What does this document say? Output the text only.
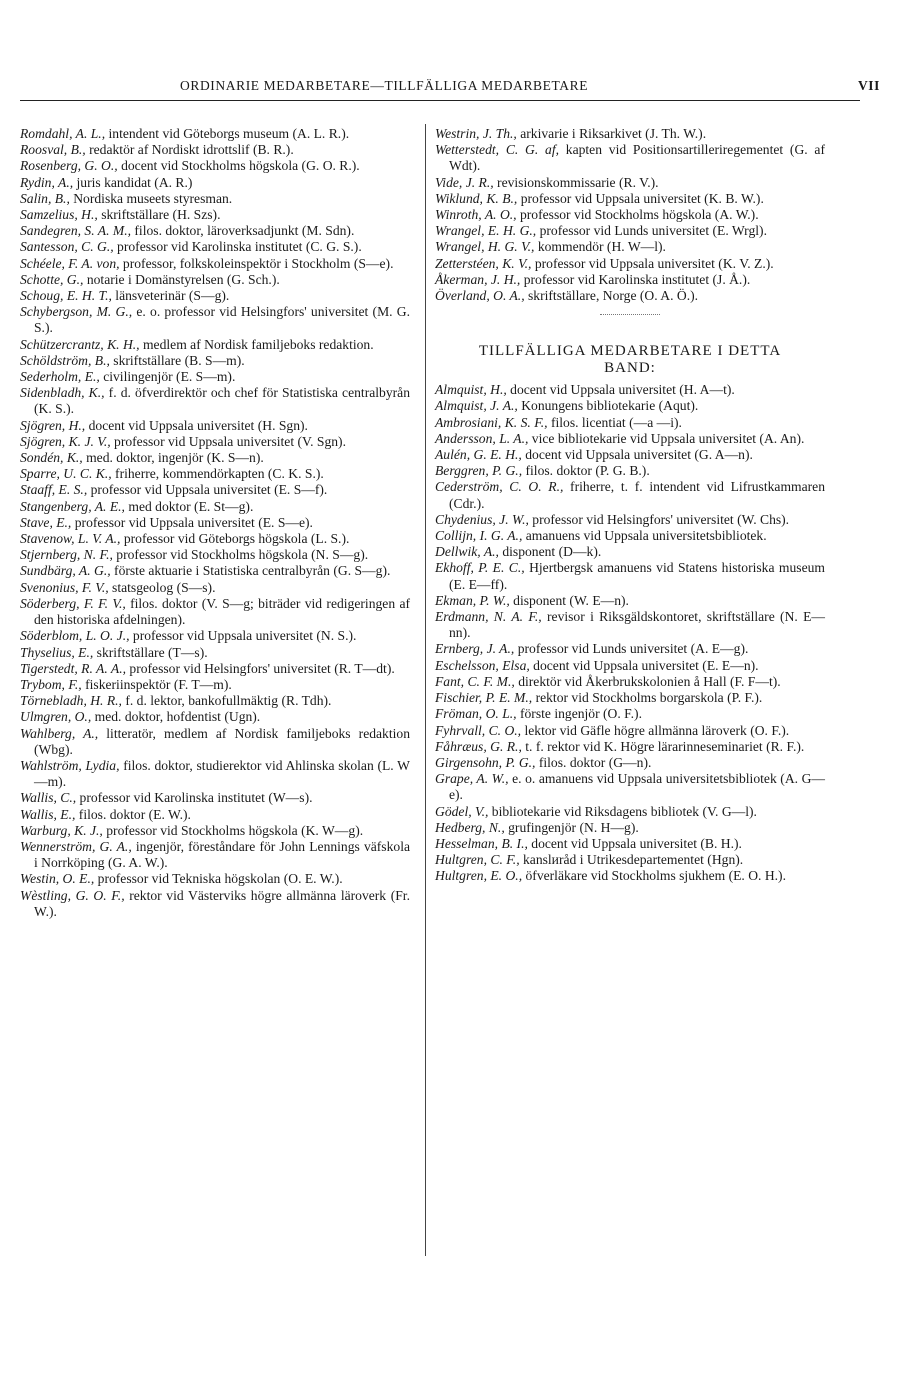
ORDINARIE MEDARBETARE—TILLFÄLLIGA MEDARBETARE	VII

Romdahl, A. L., intendent vid Göteborgs museum (A. L. R.).

Roosval, B., redaktör af Nordiskt idrottslif (B. R.).

Rosenberg, G. O., docent vid Stockholms högskola (G. O. R.).

Rydin, A., juris kandidat (A. R.)

Salin, B., Nordiska museets styresman.

Samzelius, H., skriftställare (H. Szs).

Sandegren, S. A. M., filos. doktor, läroverksadjunkt (M. Sdn).

Santesson, C. G., professor vid Karolinska institutet (C. G. S.).

Schéele, F. A. von, professor, folkskoleinspektör i Stockholm (S—e).

Schotte, G., notarie i Domänstyrelsen (G. Sch.).

Schoug, E. H. T., länsveterinär (S—g).

Schybergson, M. G., e. o. professor vid Helsingfors' universitet (M. G. S.).

Schützercrantz, K. H., medlem af Nordisk familjeboks redaktion.

Schöldström, B., skriftställare (B. S—m).

Sederholm, E., civilingenjör (E. S—m).

Sidenbladh, K., f. d. öfverdirektör och chef för Statistiska centralbyrån (K. S.).

Sjögren, H., docent vid Uppsala universitet (H. Sgn).

Sjögren, K. J. V., professor vid Uppsala universitet (V. Sgn).

Sondén, K., med. doktor, ingenjör (K. S—n).

Sparre, U. C. K., friherre, kommendörkapten (C. K. S.).

Staaff, E. S., professor vid Uppsala universitet (E. S—f).

Stangenberg, A. E., med doktor (E. St—g).

Stave, E., professor vid Uppsala universitet (E. S—e).

Stavenow, L. V. A., professor vid Göteborgs högskola (L. S.).

Stjernberg, N. F., professor vid Stockholms högskola (N. S—g).

Sundbärg, A. G., förste aktuarie i Statistiska centralbyrån (G. S—g).

Svenonius, F. V., statsgeolog (S—s).

Söderberg, F. F. V., filos. doktor (V. S—g; biträder vid redigeringen af den historiska afdelningen).

Söderblom, L. O. J., professor vid Uppsala universitet (N. S.).

Thyselius, E., skriftställare (T—s).

Tigerstedt, R. A. A., professor vid Helsingfors' universitet (R. T—dt).

Trybom, F., fiskeriinspektör (F. T—m).

Törnebladh, H. R., f. d. lektor, bankofullmäktig (R. Tdh).

Ulmgren, O., med. doktor, hofdentist (Ugn).

Wahlberg, A., litteratör, medlem af Nordisk familjeboks redaktion (Wbg).

Wahlström, Lydia, filos. doktor, studierektor vid Ahlinska skolan (L. W—m).

Wallis, C., professor vid Karolinska institutet (W—s).

Wallis, E., filos. doktor (E. W.).

Warburg, K. J., professor vid Stockholms högskola (K. W—g).

Wennerström, G. A., ingenjör, föreståndare för John Lennings väfskola i Norrköping (G. A. W.).

Westin, O. E., professor vid Tekniska högskolan (O. E. W.).

Wèstling, G. O. F., rektor vid Västerviks högre allmänna läroverk (Fr. W.).

Westrin, J. Th., arkivarie i Riksarkivet (J. Th. W.).

Wetterstedt, C. G. af, kapten vid Positionsartilleriregementet (G. af Wdt).

Vide, J. R., revisionskommissarie (R. V.).

Wiklund, K. B., professor vid Uppsala universitet (K. B. W.).

Winroth, A. O., professor vid Stockholms högskola (A. W.).

Wrangel, E. H. G., professor vid Lunds universitet (E. Wrgl).

Wrangel, H. G. V., kommendör (H. W—l).

Zetterstéen, K. V., professor vid Uppsala universitet (K. V. Z.).

Åkerman, J. H., professor vid Karolinska institutet (J. Å.).

Överland, O. A., skriftställare, Norge (O. A. Ö.).

TILLFÄLLIGA MEDARBETARE I DETTA BAND:

Almquist, H., docent vid Uppsala universitet (H. A—t).

Almquist, J. A., Konungens bibliotekarie (Aqut).

Ambrosiani, K. S. F., filos. licentiat (—a —i).

Andersson, L. A., vice bibliotekarie vid Uppsala universitet (A. An).

Aulén, G. E. H., docent vid Uppsala universitet (G. A—n).

Berggren, P. G., filos. doktor (P. G. B.).

Cederström, C. O. R., friherre, t. f. intendent vid Lifrustkammaren (Cdr.).

Chydenius, J. W., professor vid Helsingfors' universitet (W. Chs).

Collijn, I. G. A., amanuens vid Uppsala universitetsbibliotek.

Dellwik, A., disponent (D—k).

Ekhoff, P. E. C., Hjertbergsk amanuens vid Statens historiska museum (E. E—ff).

Ekman, P. W., disponent (W. E—n).

Erdmann, N. A. F., revisor i Riksgäldskontoret, skriftställare (N. E—nn).

Ernberg, J. A., professor vid Lunds universitet (A. E—g).

Eschelsson, Elsa, docent vid Uppsala universitet (E. E—n).

Fant, C. F. M., direktör vid Åkerbrukskolonien å Hall (F. F—t).

Fischier, P. E. M., rektor vid Stockholms borgarskola (P. F.).

Fröman, O. L., förste ingenjör (O. F.).

Fyhrvall, C. O., lektor vid Gäfle högre allmänna läroverk (O. F.).

Fåhræus, G. R., t. f. rektor vid K. Högre lärarinneseminariet (R. F.).

Girgensohn, P. G., filos. doktor (G—n).

Grape, A. W., e. o. amanuens vid Uppsala universitetsbibliotek (A. G—e).

Gödel, V., bibliotekarie vid Riksdagens bibliotek (V. G—l).

Hedberg, N., grufingenjör (N. H—g).

Hesselman, B. I., docent vid Uppsala universitet (B. H.).

Hultgren, C. F., kanslиråd i Utrikesdepartementet (Hgn).

Hultgren, E. O., öfverläkare vid Stockholms sjukhem (E. O. H.).
